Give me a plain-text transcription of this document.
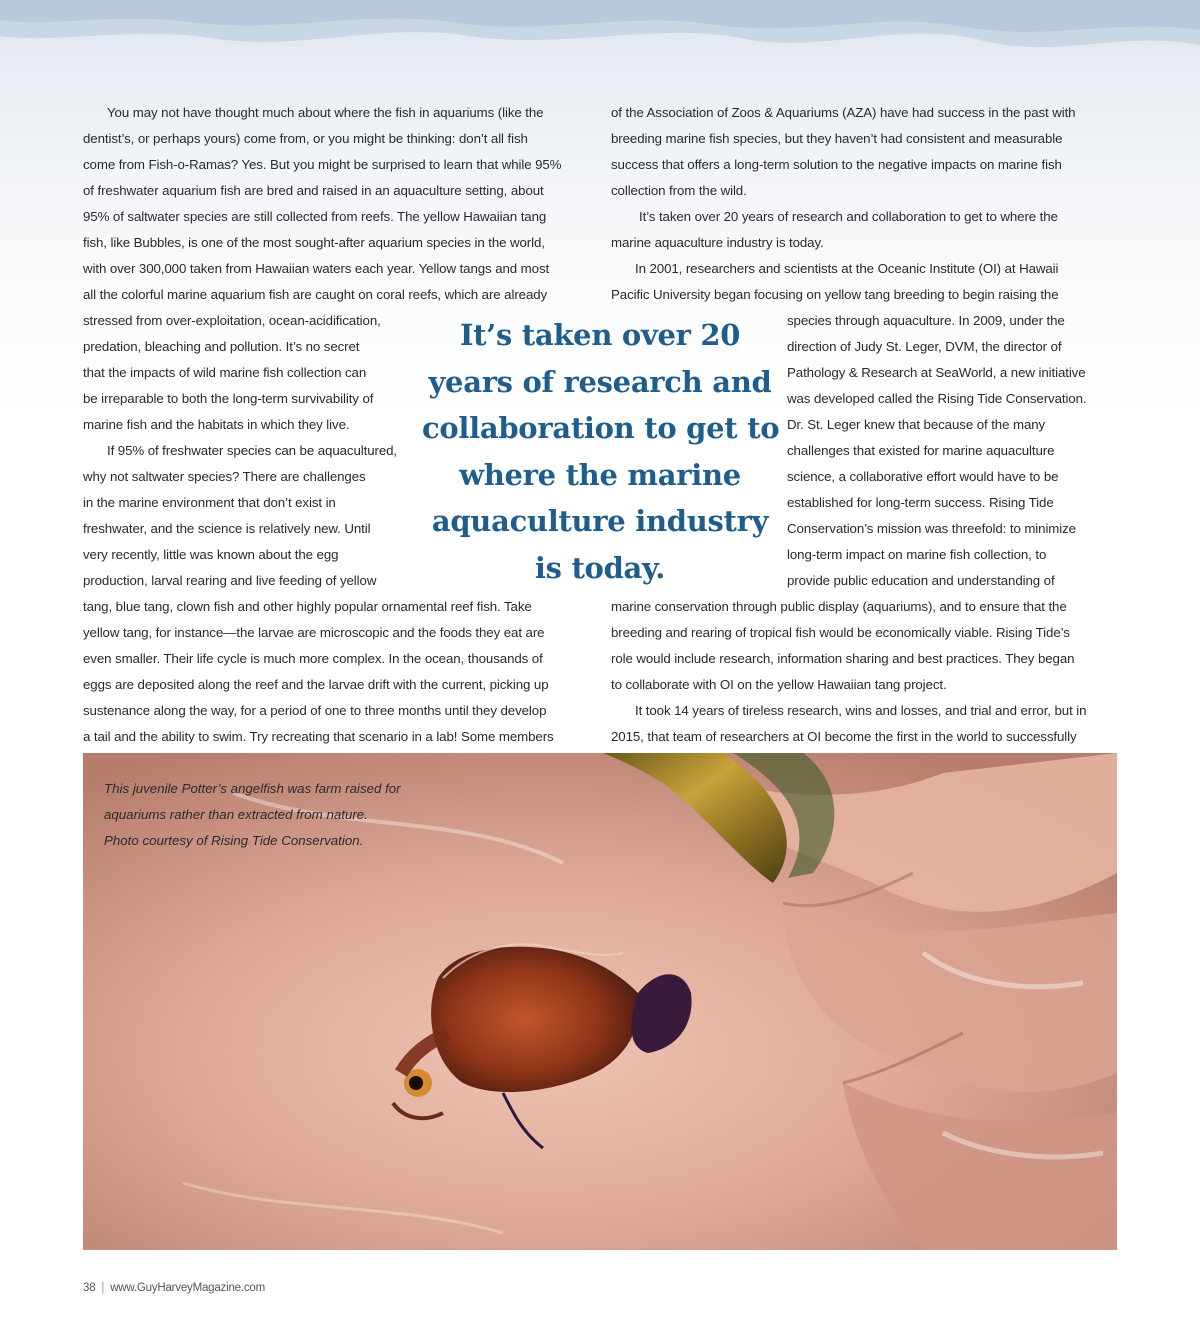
You may not have thought much about where the fish in aquariums (like the
dentist’s, or perhaps yours) come from, or you might be thinking: don’t all fish
come from Fish-o-Ramas? Yes. But you might be surprised to learn that while 95%
of freshwater aquarium fish are bred and raised in an aquaculture setting, about
95% of saltwater species are still collected from reefs. The yellow Hawaiian tang
fish, like Bubbles, is one of the most sought-after aquarium species in the world,
with over 300,000 taken from Hawaiian waters each year. Yellow tangs and most
all the colorful marine aquarium fish are caught on coral reefs, which are already
stressed from over-exploitation, ocean-acidification,
predation, bleaching and pollution. It’s no secret
that the impacts of wild marine fish collection can
be irreparable to both the long-term survivability of
marine fish and the habitats in which they live.
If 95% of freshwater species can be aquacultured,
why not saltwater species? There are challenges
in the marine environment that don’t exist in
freshwater, and the science is relatively new. Until
very recently, little was known about the egg
production, larval rearing and live feeding of yellow
tang, blue tang, clown fish and other highly popular ornamental reef fish. Take
yellow tang, for instance—the larvae are microscopic and the foods they eat are
even smaller. Their life cycle is much more complex. In the ocean, thousands of
eggs are deposited along the reef and the larvae drift with the current, picking up
sustenance along the way, for a period of one to three months until they develop
a tail and the ability to swim. Try recreating that scenario in a lab! Some members
of the Association of Zoos & Aquariums (AZA) have had success in the past with
breeding marine fish species, but they haven’t had consistent and measurable
success that offers a long-term solution to the negative impacts on marine fish
collection from the wild.
It’s taken over 20 years of research and collaboration to get to where the
marine aquaculture industry is today.
In 2001, researchers and scientists at the Oceanic Institute (OI) at Hawaii
Pacific University began focusing on yellow tang breeding to begin raising the
species through aquaculture. In 2009, under the
direction of Judy St. Leger, DVM, the director of
Pathology & Research at SeaWorld, a new initiative
was developed called the Rising Tide Conservation.
Dr. St. Leger knew that because of the many
challenges that existed for marine aquaculture
science, a collaborative effort would have to be
established for long-term success. Rising Tide
Conservation’s mission was threefold: to minimize
long-term impact on marine fish collection, to
provide public education and understanding of
marine conservation through public display (aquariums), and to ensure that the
breeding and rearing of tropical fish would be economically viable. Rising Tide’s
role would include research, information sharing and best practices. They began
to collaborate with OI on the yellow Hawaiian tang project.
It took 14 years of tireless research, wins and losses, and trial and error, but in
2015, that team of researchers at OI become the first in the world to successfully
It’s taken over 20
years of research and
collaboration to get to
where the marine
aquaculture industry
is today.
This juvenile Potter’s angelfish was farm raised for
aquariums rather than extracted from nature.
Photo courtesy of Rising Tide Conservation.
38 | www.GuyHarveyMagazine.com
